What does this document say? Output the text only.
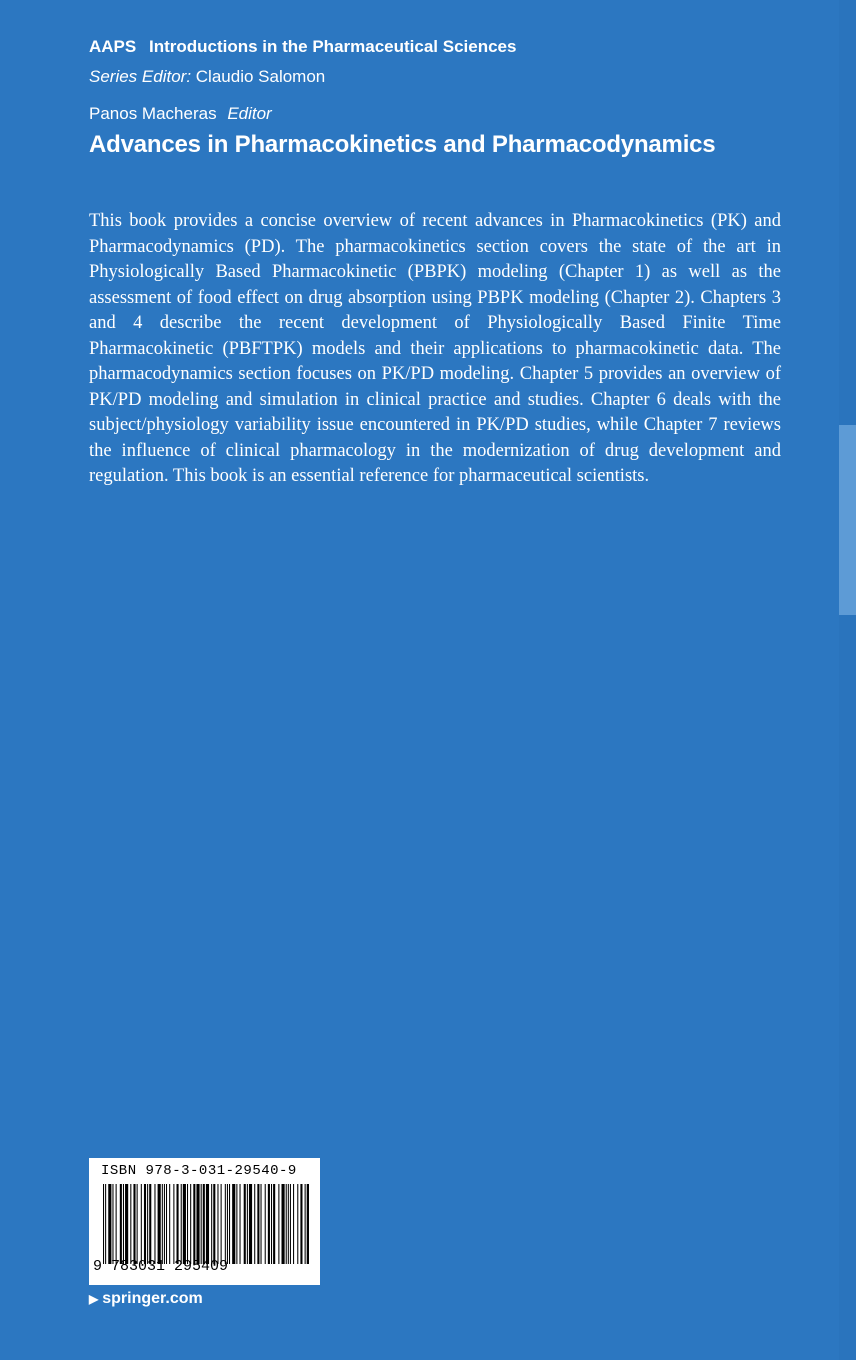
AAPS Introductions in the Pharmaceutical Sciences
Series Editor: Claudio Salomon
Panos Macheras Editor
Advances in Pharmacokinetics and Pharmacodynamics

This book provides a concise overview of recent advances in Pharmacokinetics (PK) and Pharmacodynamics (PD). The pharmacokinetics section covers the state of the art in Physiologically Based Pharmacokinetic (PBPK) modeling (Chapter 1) as well as the assessment of food effect on drug absorption using PBPK modeling (Chapter 2). Chapters 3 and 4 describe the recent development of Physiologically Based Finite Time Pharmacokinetic (PBFTPK) models and their applications to pharmacokinetic data. The pharmacodynamics section focuses on PK/PD modeling. Chapter 5 provides an overview of PK/PD modeling and simulation in clinical practice and studies. Chapter 6 deals with the subject/physiology variability issue encountered in PK/PD studies, while Chapter 7 reviews the influence of clinical pharmacology in the modernization of drug development and regulation. This book is an essential reference for pharmaceutical scientists.

ISBN 978-3-031-29540-9
9 783031 295409
▶ springer.com
